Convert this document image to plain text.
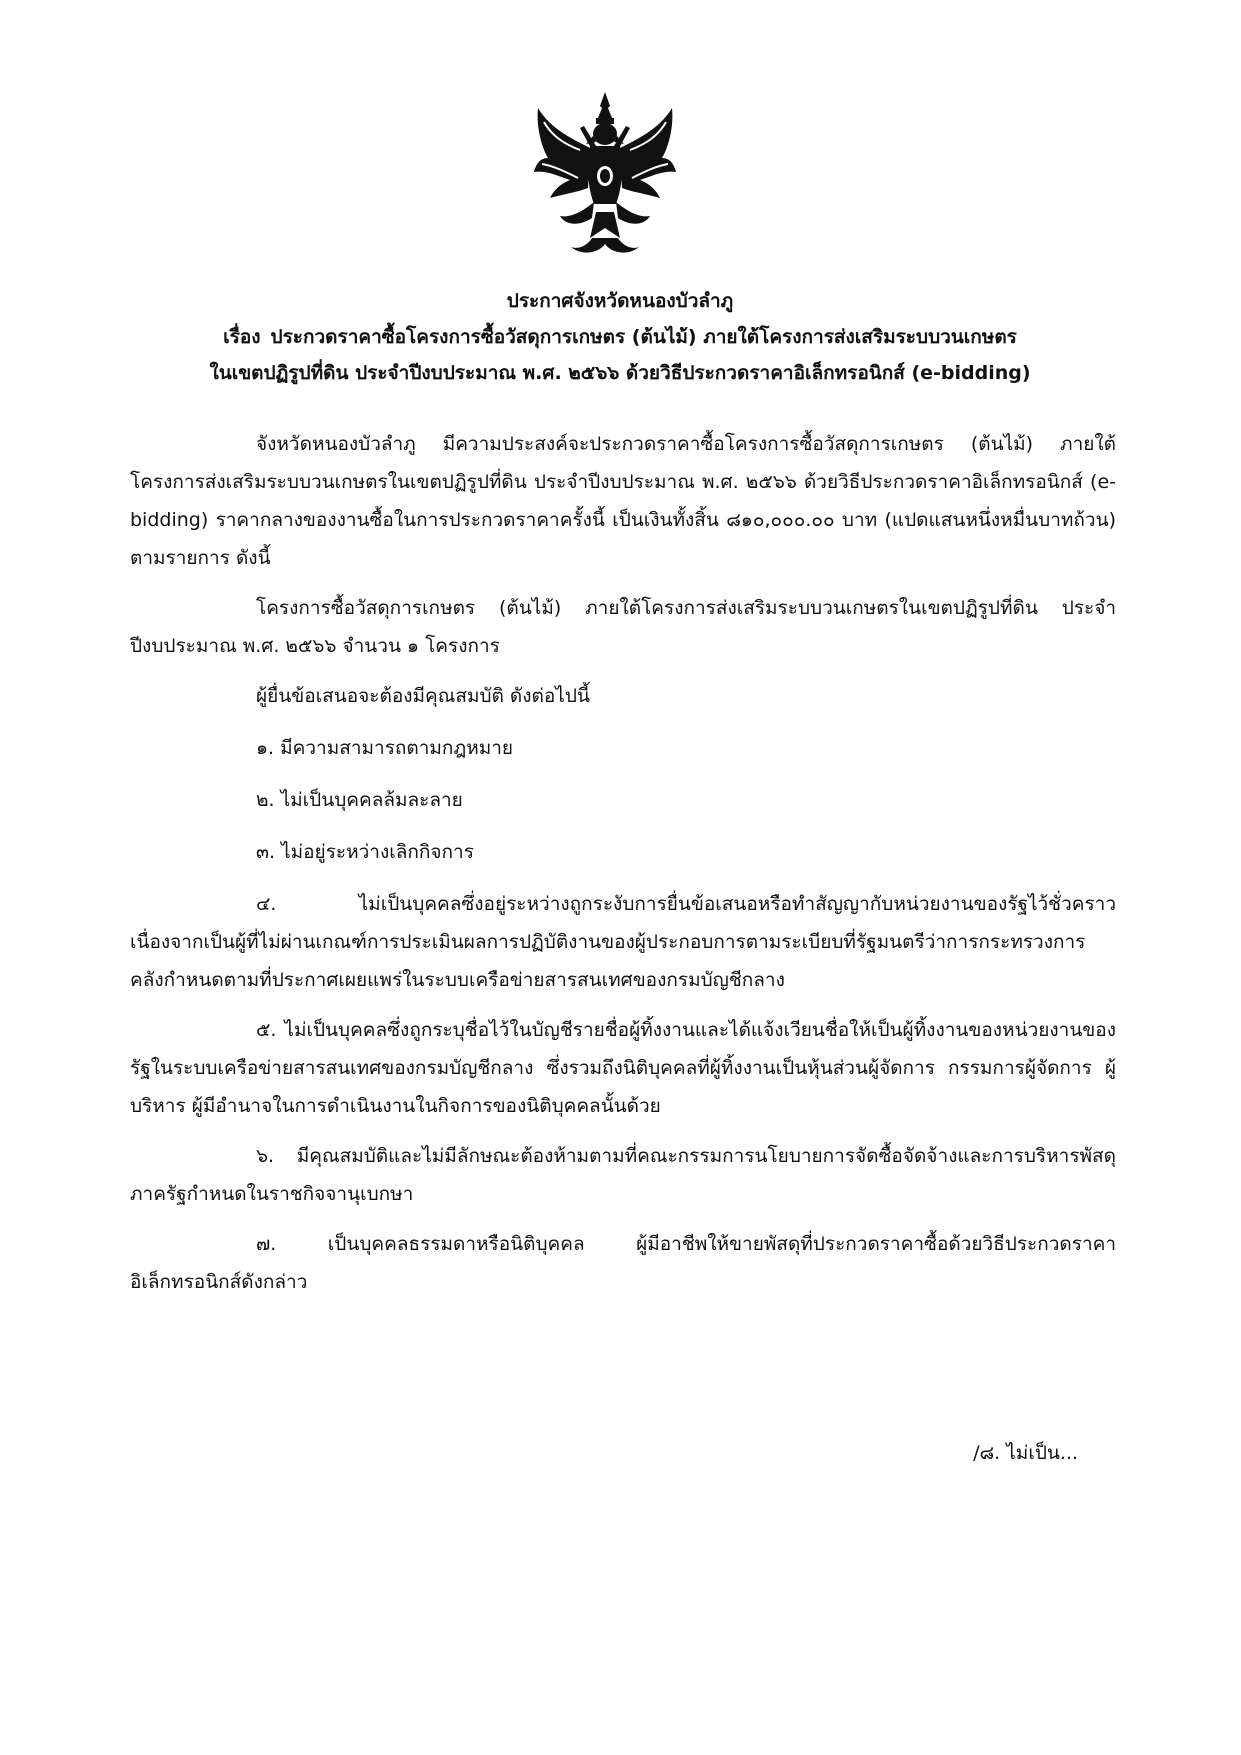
ประกาศจังหวัดหนองบัวลำภู
เรื่อง ประกวดราคาซื้อโครงการซื้อวัสดุการเกษตร (ต้นไม้) ภายใต้โครงการส่งเสริมระบบวนเกษตร
ในเขตปฏิรูปที่ดิน ประจำปีงบประมาณ พ.ศ. ๒๕๖๖ ด้วยวิธีประกวดราคาอิเล็กทรอนิกส์ (e-bidding)

จังหวัดหนองบัวลำภู มีความประสงค์จะประกวดราคาซื้อโครงการซื้อวัสดุการเกษตร (ต้นไม้) ภายใต้โครงการส่งเสริมระบบวนเกษตรในเขตปฏิรูปที่ดิน ประจำปีงบประมาณ พ.ศ. ๒๕๖๖ ด้วยวิธีประกวดราคาอิเล็กทรอนิกส์ (e-bidding) ราคากลางของงานซื้อในการประกวดราคาครั้งนี้ เป็นเงินทั้งสิ้น ๘๑๐,๐๐๐.๐๐ บาท (แปดแสนหนึ่งหมื่นบาทถ้วน) ตามรายการ ดังนี้

โครงการซื้อวัสดุการเกษตร (ต้นไม้) ภายใต้โครงการส่งเสริมระบบวนเกษตรในเขตปฏิรูปที่ดิน ประจำปีงบประมาณ พ.ศ. ๒๕๖๖ จำนวน ๑ โครงการ

ผู้ยื่นข้อเสนอจะต้องมีคุณสมบัติ ดังต่อไปนี้

๑. มีความสามารถตามกฎหมาย

๒. ไม่เป็นบุคคลล้มละลาย

๓. ไม่อยู่ระหว่างเลิกกิจการ

๔. ไม่เป็นบุคคลซึ่งอยู่ระหว่างถูกระงับการยื่นข้อเสนอหรือทำสัญญากับหน่วยงานของรัฐไว้ชั่วคราว เนื่องจากเป็นผู้ที่ไม่ผ่านเกณฑ์การประเมินผลการปฏิบัติงานของผู้ประกอบการตามระเบียบที่รัฐมนตรีว่าการกระทรวงการคลังกำหนดตามที่ประกาศเผยแพร่ในระบบเครือข่ายสารสนเทศของกรมบัญชีกลาง

๕. ไม่เป็นบุคคลซึ่งถูกระบุชื่อไว้ในบัญชีรายชื่อผู้ทิ้งงานและได้แจ้งเวียนชื่อให้เป็นผู้ทิ้งงานของหน่วยงานของรัฐในระบบเครือข่ายสารสนเทศของกรมบัญชีกลาง ซึ่งรวมถึงนิติบุคคลที่ผู้ทิ้งงานเป็นหุ้นส่วนผู้จัดการ กรรมการผู้จัดการ ผู้บริหาร ผู้มีอำนาจในการดำเนินงานในกิจการของนิติบุคคลนั้นด้วย

๖. มีคุณสมบัติและไม่มีลักษณะต้องห้ามตามที่คณะกรรมการนโยบายการจัดซื้อจัดจ้างและการบริหารพัสดุภาครัฐกำหนดในราชกิจจานุเบกษา

๗. เป็นบุคคลธรรมดาหรือนิติบุคคล ผู้มีอาชีพให้ขายพัสดุที่ประกวดราคาซื้อด้วยวิธีประกวดราคาอิเล็กทรอนิกส์ดังกล่าว

/๘. ไม่เป็น...
